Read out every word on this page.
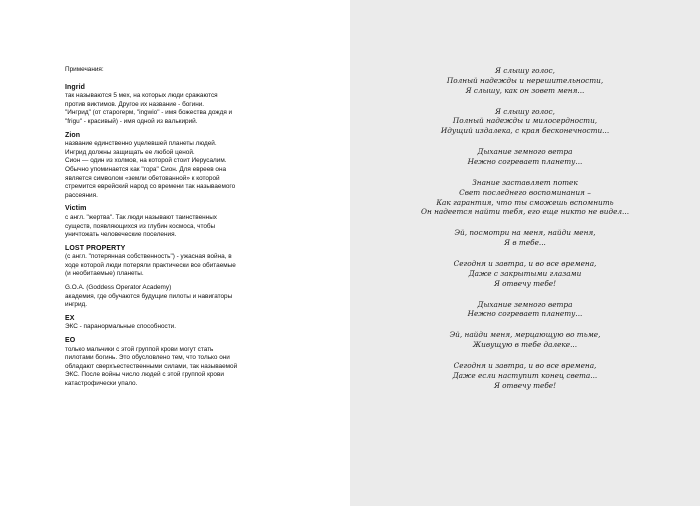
Примечания:
Ingrid
так называются 5 мех, на которых люди сражаются
против виктимов. Другое их название - богини.
"Ингрид" (от старогерм, "ingwio" - имя божества дождя и
"frigu" - красивый) - имя одной из валькирий.
Zion
название единственно уцелевшей планеты людей.
Ингрид должны защищать ее любой ценой.
Сион — один из холмов, на которой стоит Иерусалим.
Обычно упоминается как "гора" Сион. Для евреев она
является символом «земли обетованной» к которой
стремится еврейский народ со времени так называемого
рассеяния.
Victim
с англ. "жертва". Так люди называют таинственных
существ, появляющихся из глубин космоса, чтобы
уничтожать человеческие поселения.
LOST PROPERTY
(с англ. "потерянная собственность") - ужасная война, в
ходе которой люди потеряли практически все обитаемые
(и необитаемые) планеты.
G.O.A. (Goddess Operator Academy)
академия, где обучаются будущие пилоты и навигаторы
ингрид.
EX
ЭКС - паранормальные способности.
EO
только мальчики с этой группой крови могут стать
пилотами богинь. Это обусловлено тем, что только они
обладают сверхъестественными силами, так называемой
ЭКС. После войны число людей с этой группой крови
катастрофически упало.
Я слышу голос,
Полный надежды и нерешительности,
Я слышу, как он зовет меня...
Я слышу голос,
Полный надежды и милосердности,
Идущий издалека, с края бесконечности...
Дыхание земного ветра
Нежно согревает планету...
Знание заставляет потек
Свет последнего воспоминания –
Как гарантия, что ты сможешь вспомнить
Он надеется найти тебя, его еще никто не видел...
Эй, посмотри на меня, найди меня,
Я в тебе...
Сегодня и завтра, и во все времена,
Даже с закрытыми глазами
Я отвечу тебе!
Дыхание земного ветра
Нежно согревает планету...
Эй, найди меня, мерцающую во тьме,
Живущую в тебе далеке...
Сегодня и завтра, и во все времена,
Даже если наступит конец света...
Я отвечу тебе!
